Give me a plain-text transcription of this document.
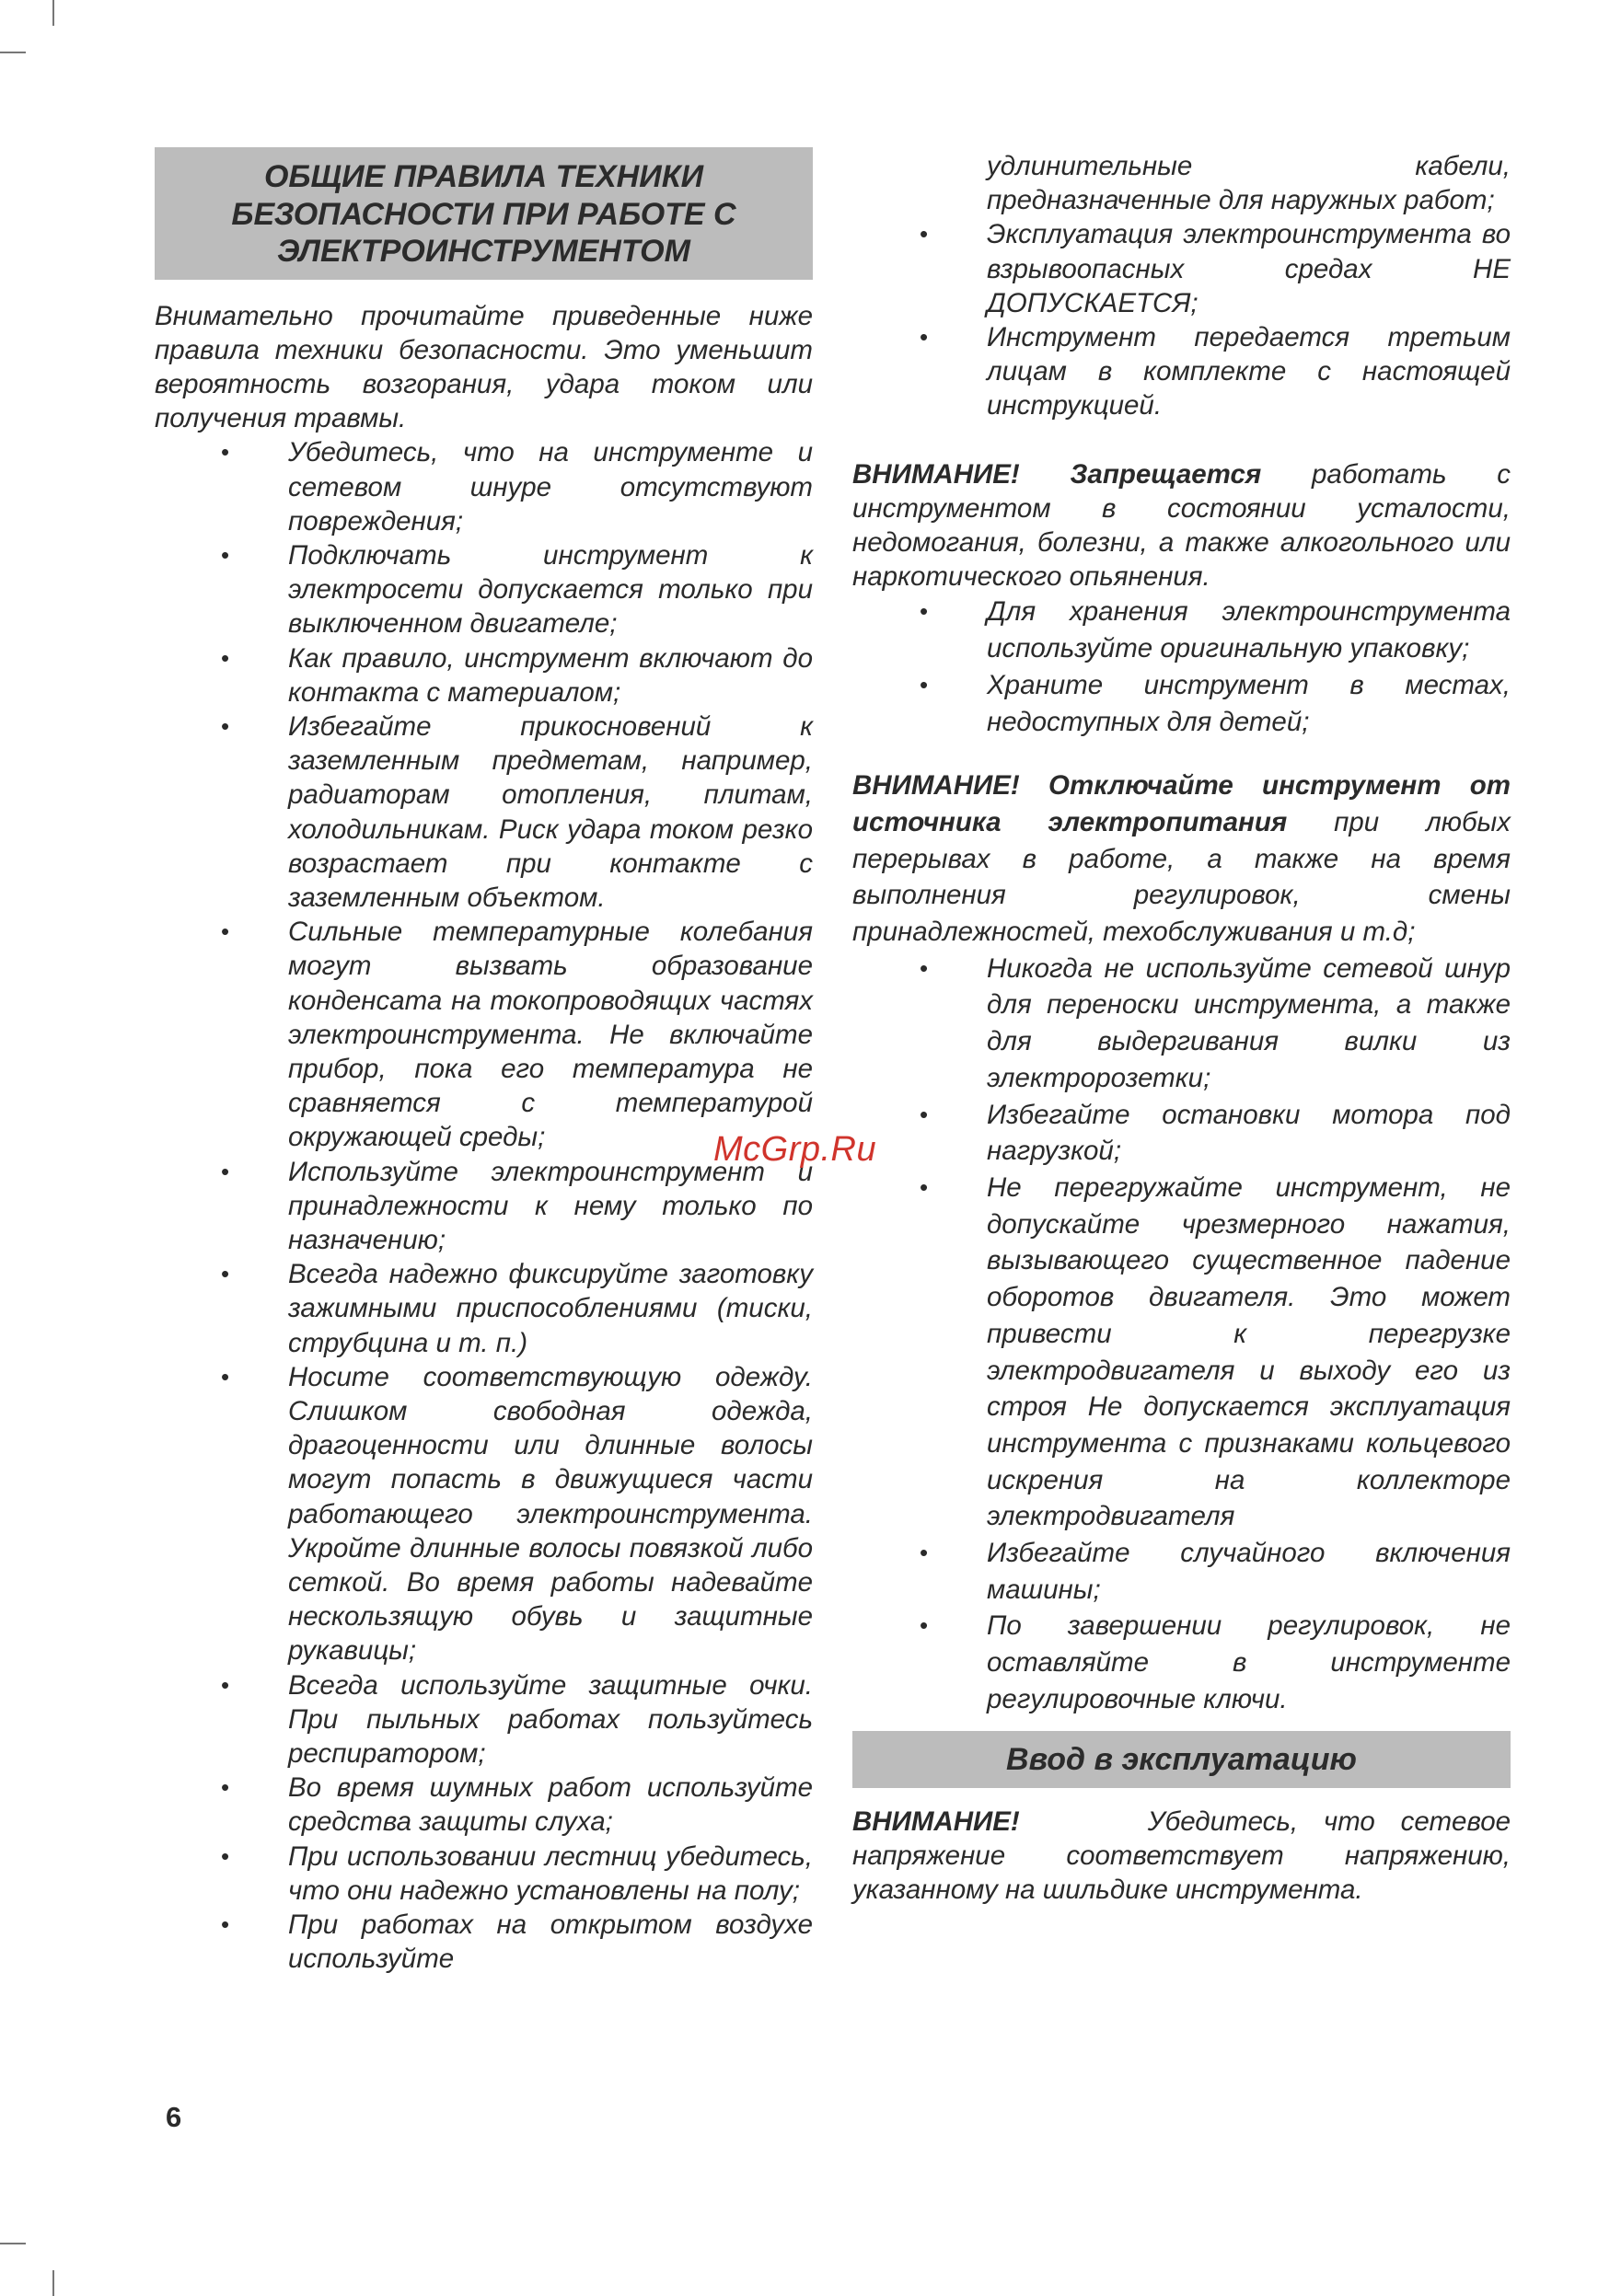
ОБЩИЕ ПРАВИЛА ТЕХНИКИ
БЕЗОПАСНОСТИ ПРИ РАБОТЕ С
ЭЛЕКТРОИНСТРУМЕНТОМ
Внимательно прочитайте приведенные ниже правила техники безопасности. Это уменьшит вероятность возгорания, удара током или получения травмы.
• Убедитесь, что на инструменте и сетевом шнуре отсутствуют повреждения;
• Подключать инструмент к электросети допускается только при выключенном двигателе;
• Как правило, инструмент включают до контакта с материалом;
• Избегайте прикосновений к заземленным предметам, например, радиаторам отопления, плитам, холодильникам. Риск удара током резко возрастает при контакте с заземленным объектом.
• Сильные температурные колебания могут вызвать образование конденсата на токопроводящих частях электроинструмента. Не включайте прибор, пока его температура не сравняется с температурой окружающей среды;
• Используйте электроинструмент и принадлежности к нему только по назначению;
• Всегда надежно фиксируйте заготовку зажимными приспособлениями (тиски, струбцина и т. п.)
• Носите соответствующую одежду. Слишком свободная одежда, драгоценности или длинные волосы могут попасть в движущиеся части работающего электроинструмента. Укройте длинные волосы повязкой либо сеткой. Во время работы надевайте нескользящую обувь и защитные рукавицы;
• Всегда используйте защитные очки. При пыльных работах пользуйтесь респиратором;
• Во время шумных работ используйте средства защиты слуха;
• При использовании лестниц убедитесь, что они надежно установлены на полу;
• При работах на открытом воздухе используйте
удлинительные кабели, предназначенные для наружных работ;
• Эксплуатация электроинструмента во взрывоопасных средах НЕ ДОПУСКАЕТСЯ;
• Инструмент передается третьим лицам в комплекте с настоящей инструкцией.
ВНИМАНИЕ! Запрещается работать с инструментом в состоянии усталости, недомогания, болезни, а также алкогольного или наркотического опьянения.
• Для хранения электроинструмента используйте оригинальную упаковку;
• Храните инструмент в местах, недоступных для детей;
ВНИМАНИЕ! Отключайте инструмент от источника электропитания при любых перерывах в работе, а также на время выполнения регулировок, смены принадлежностей, техобслуживания и т.д;
• Никогда не используйте сетевой шнур для переноски инструмента, а также для выдергивания вилки из электророзетки;
• Избегайте остановки мотора под нагрузкой;
• Не перегружайте инструмент, не допускайте чрезмерного нажатия, вызывающего существенное падение оборотов двигателя. Это может привести к перегрузке электродвигателя и выходу его из строя Не допускается эксплуатация инструмента с признаками кольцевого искрения на коллекторе электродвигателя
• Избегайте случайного включения машины;
• По завершении регулировок, не оставляйте в инструменте регулировочные ключи.
Ввод в эксплуатацию
ВНИМАНИЕ!	Убедитесь, что сетевое напряжение соответствует напряжению, указанному на шильдике инструмента.
McGrp.Ru
6
